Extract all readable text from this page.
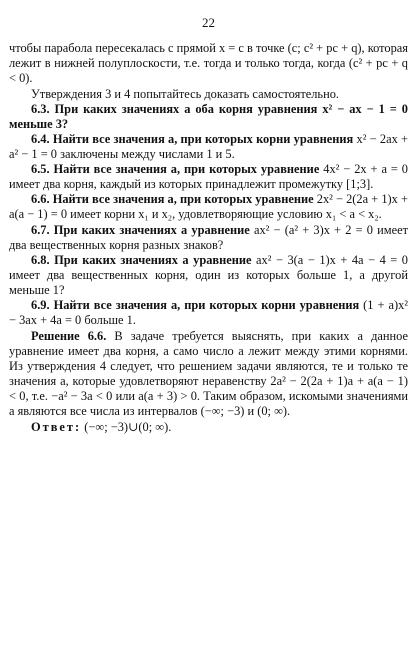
22

чтобы парабола пересекалась с прямой x = c в точке (c; c² + pc + q), которая лежит в нижней полуплоскости, т.е. тогда и только тогда, когда (c² + pc + q < 0).

Утверждения 3 и 4 попытайтесь доказать самостоятельно.

6.3. При каких значениях a оба корня уравнения x² − ax − 1 = 0 меньше 3?

6.4. Найти все значения a, при которых корни уравнения x² − 2ax + a² − 1 = 0 заключены между числами 1 и 5.

6.5. Найти все значения a, при которых уравнение 4x² − 2x + a = 0 имеет два корня, каждый из которых принадлежит промежутку [1;3].

6.6. Найти все значения a, при которых уравнение 2x² − 2(2a + 1)x + a(a − 1) = 0 имеет корни x₁ и x₂, удовлетворяющие условию x₁ < a < x₂.

6.7. При каких значениях a уравнение ax² − (a² + 3)x + 2 = 0 имеет два вещественных корня разных знаков?

6.8. При каких значениях a уравнение ax² − 3(a − 1)x + 4a − 4 = 0 имеет два вещественных корня, один из которых больше 1, а другой меньше 1?

6.9. Найти все значения a, при которых корни уравнения (1 + a)x² − 3ax + 4a = 0 больше 1.

Решение 6.6. В задаче требуется выяснять, при каких a данное уравнение имеет два корня, а само число a лежит между этими корнями. Из утверждения 4 следует, что решением задачи являются, те и только те значения a, которые удовлетворяют неравенству 2a² − 2(2a + 1)a + a(a − 1) < 0, т.е. −a² − 3a < 0 или a(a + 3) > 0. Таким образом, искомыми значениями a являются все числа из интервалов (−∞; −3) и (0; ∞).

Ответ: (−∞; −3)∪(0; ∞).
